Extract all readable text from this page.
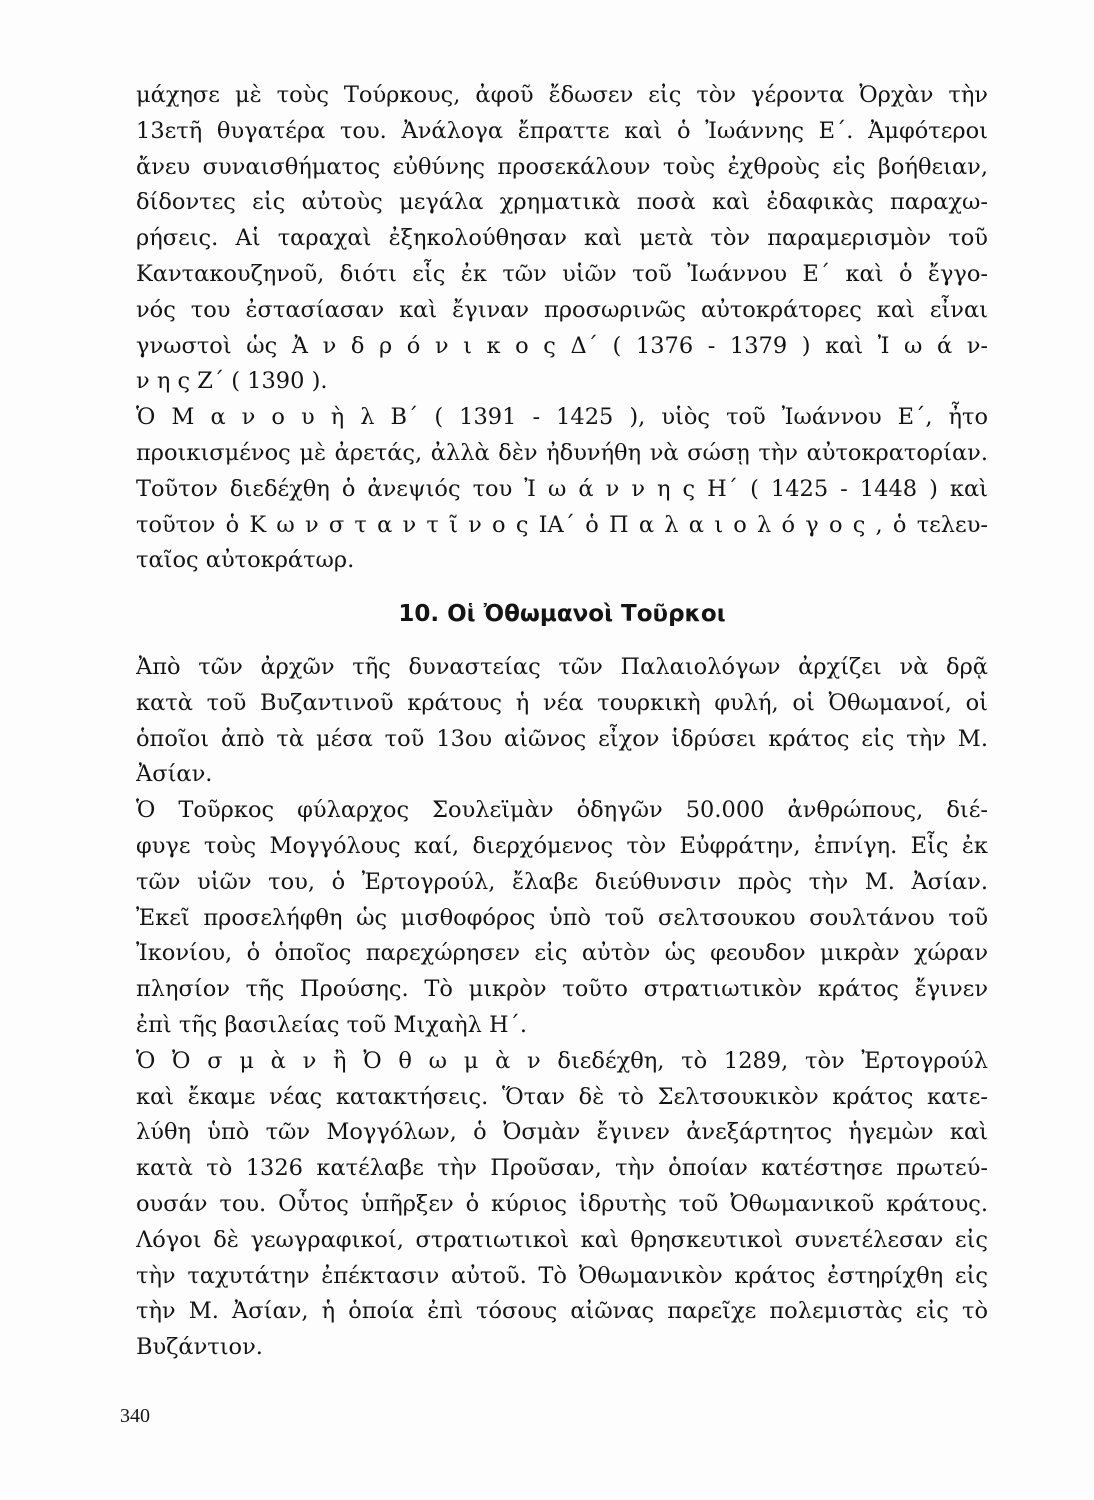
μάχησε μὲ τοὺς Τούρκους, ἀφοῦ ἔδωσεν εἰς τὸν γέροντα Ὀρχὰν τὴν
13ετῆ θυγατέρα του. Ἀνάλογα ἔπραττε καὶ ὁ Ἰωάννης Ε΄. Ἀμφότεροι
ἄνευ συναισθήματος εὐθύνης προσεκάλουν τοὺς ἐχθροὺς εἰς βοήθειαν,
δίδοντες εἰς αὐτοὺς μεγάλα χρηματικὰ ποσὰ καὶ ἐδαφικὰς παραχω-
ρήσεις. Αἱ ταραχαὶ ἐξηκολούθησαν καὶ μετὰ τὸν παραμερισμὸν τοῦ
Καντακουζηνοῦ, διότι εἷς ἐκ τῶν υἱῶν τοῦ Ἰωάννου Ε΄ καὶ ὁ ἔγγο-
νός του ἐστασίασαν καὶ ἔγιναν προσωρινῶς αὐτοκράτορες καὶ εἶναι
γνωστοὶ ὡς Ἀ ν δ ρ ό ν ι κ ο ς Δ΄ ( 1376 - 1379 ) καὶ Ἰ ω ά ν-
ν η ς Ζ΄ ( 1390 ).
Ὁ Μ α ν ο υ ὴ λ Β΄ ( 1391 - 1425 ), υἱὸς τοῦ Ἰωάννου Ε΄, ἦτο
προικισμένος μὲ ἀρετάς, ἀλλὰ δὲν ἠδυνήθη νὰ σώσῃ τὴν αὐτοκρατορίαν.
Τοῦτον διεδέχθη ὁ ἀνεψιός του Ἰ ω ά ν ν η ς Η΄ ( 1425 - 1448 ) καὶ
τοῦτον ὁ Κ ω ν σ τ α ν τ ῖ ν ο ς ΙΑ΄ ὁ Π α λ α ι ο λ ό γ ο ς , ὁ τελευ-
ταῖος αὐτοκράτωρ.
10. Οἱ Ὀθωμανοὶ Τοῦρκοι
Ἀπὸ τῶν ἀρχῶν τῆς δυναστείας τῶν Παλαιολόγων ἀρχίζει νὰ δρᾷ
κατὰ τοῦ Βυζαντινοῦ κράτους ἡ νέα τουρκικὴ φυλή, οἱ Ὀθωμανοί, οἱ
ὁποῖοι ἀπὸ τὰ μέσα τοῦ 13ου αἰῶνος εἶχον ἱδρύσει κράτος εἰς τὴν Μ.
Ἀσίαν.
Ὁ Τοῦρκος φύλαρχος Σουλεϊμὰν ὁδηγῶν 50.000 ἀνθρώπους, διέ-
φυγε τοὺς Μογγόλους καί, διερχόμενος τὸν Εὐφράτην, ἐπνίγη. Εἷς ἐκ
τῶν υἱῶν του, ὁ Ἐρτογρούλ, ἔλαβε διεύθυνσιν πρὸς τὴν Μ. Ἀσίαν.
Ἐκεῖ προσελήφθη ὡς μισθοφόρος ὑπὸ τοῦ σελτσουκου σουλτάνου τοῦ
Ἰκονίου, ὁ ὁποῖος παρεχώρησεν εἰς αὐτὸν ὡς φεουδον μικρὰν χώραν
πλησίον τῆς Προύσης. Τὸ μικρὸν τοῦτο στρατιωτικὸν κράτος ἔγινεν
ἐπὶ τῆς βασιλείας τοῦ Μιχαὴλ Η΄.
Ὁ Ὀ σ μ ὰ ν ἢ Ὀ θ ω μ ὰ ν διεδέχθη, τὸ 1289, τὸν Ἐρτογρούλ
καὶ ἔκαμε νέας κατακτήσεις. Ὅταν δὲ τὸ Σελτσουκικὸν κράτος κατε-
λύθη ὑπὸ τῶν Μογγόλων, ὁ Ὀσμὰν ἔγινεν ἀνεξάρτητος ἡγεμὼν καὶ
κατὰ τὸ 1326 κατέλαβε τὴν Προῦσαν, τὴν ὁποίαν κατέστησε πρωτεύ-
ουσάν του. Οὗτος ὑπῆρξεν ὁ κύριος ἱδρυτὴς τοῦ Ὀθωμανικοῦ κράτους.
Λόγοι δὲ γεωγραφικοί, στρατιωτικοὶ καὶ θρησκευτικοὶ συνετέλεσαν εἰς
τὴν ταχυτάτην ἐπέκτασιν αὐτοῦ. Τὸ Ὀθωμανικὸν κράτος ἐστηρίχθη εἰς
τὴν Μ. Ἀσίαν, ἡ ὁποία ἐπὶ τόσους αἰῶνας παρεῖχε πολεμιστὰς εἰς τὸ
Βυζάντιον.
340
